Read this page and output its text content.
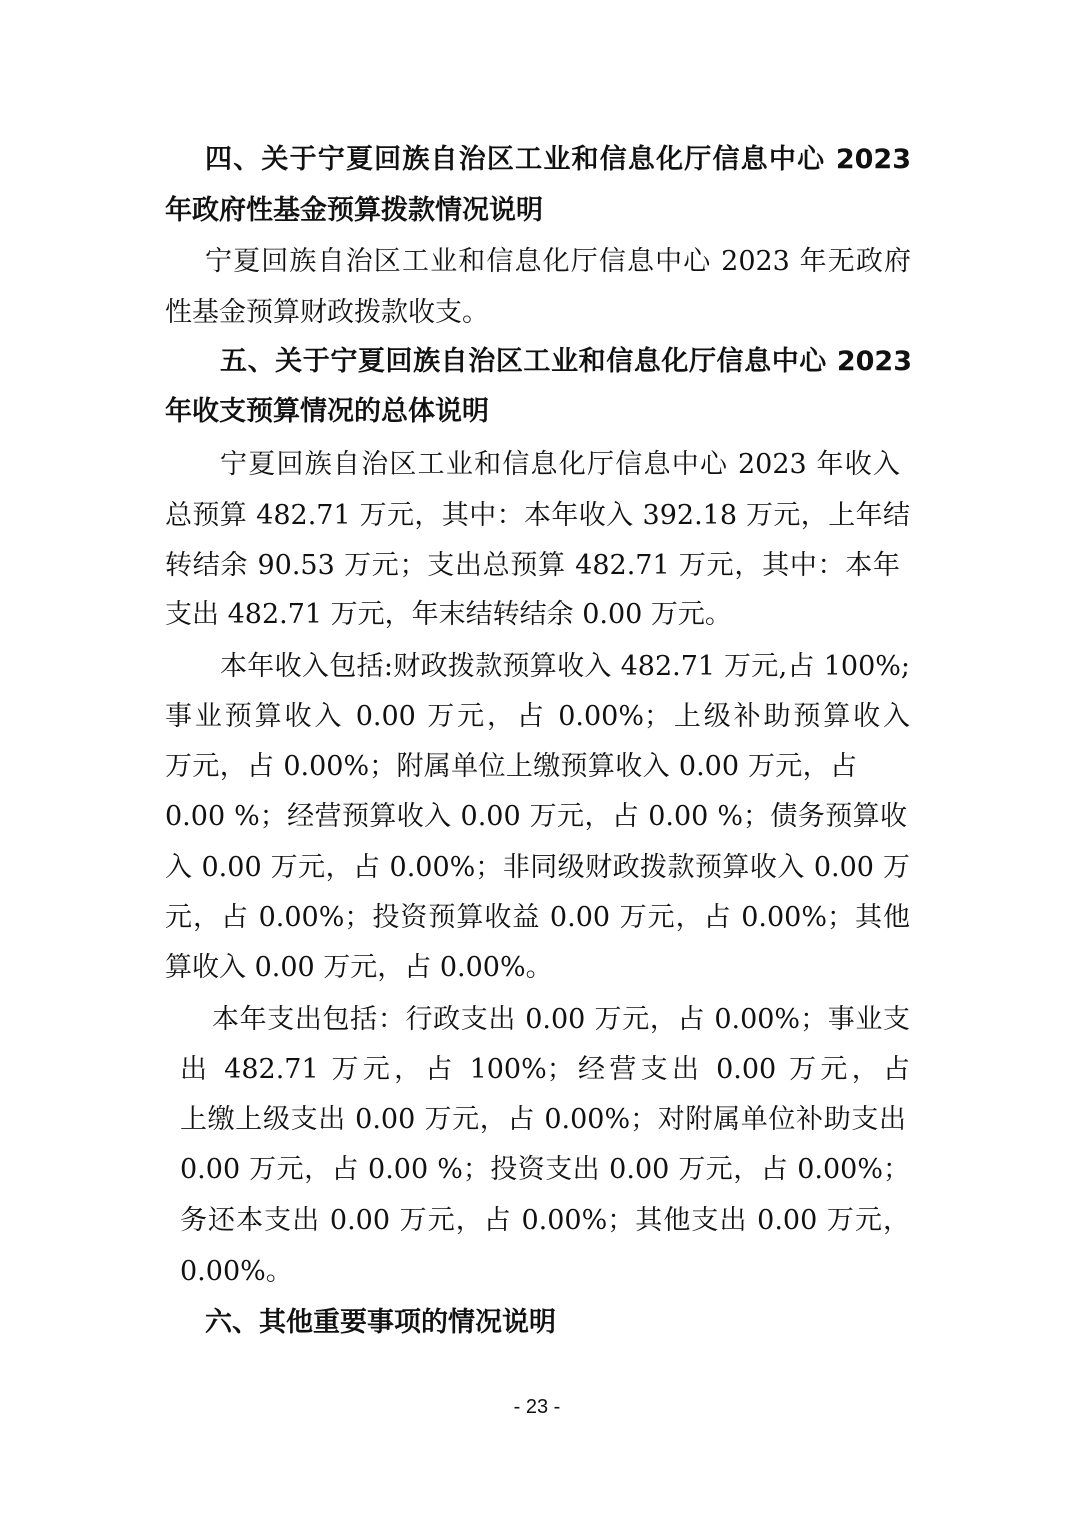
四、关于宁夏回族自治区工业和信息化厅信息中心 2023
年政府性基金预算拨款情况说明
宁夏回族自治区工业和信息化厅信息中心 2023 年无政府
性基金预算财政拨款收支。
五、关于宁夏回族自治区工业和信息化厅信息中心 2023
年收支预算情况的总体说明
宁夏回族自治区工业和信息化厅信息中心 2023 年收入
总预算 482.71 万元，其中：本年收入 392.18 万元，上年结
转结余 90.53 万元；支出总预算 482.71 万元，其中：本年
支出 482.71 万元，年末结转结余 0.00 万元。
本年收入包括:财政拨款预算收入 482.71 万元,占 100%;
事业预算收入 0.00 万元，占 0.00%；上级补助预算收入
万元，占 0.00%；附属单位上缴预算收入 0.00 万元，占
0.00 %；经营预算收入 0.00 万元，占 0.00 %；债务预算收
入 0.00 万元，占 0.00%；非同级财政拨款预算收入 0.00 万
元，占 0.00%；投资预算收益 0.00 万元，占 0.00%；其他
算收入 0.00 万元，占 0.00%。
本年支出包括：行政支出 0.00 万元，占 0.00%；事业支
出 482.71 万元，占 100%；经营支出 0.00 万元，占
上缴上级支出 0.00 万元，占 0.00%；对附属单位补助支出
0.00 万元，占 0.00 %；投资支出 0.00 万元，占 0.00%；
务还本支出 0.00 万元，占 0.00%；其他支出 0.00 万元，
0.00%。
六、其他重要事项的情况说明
- 23 -
